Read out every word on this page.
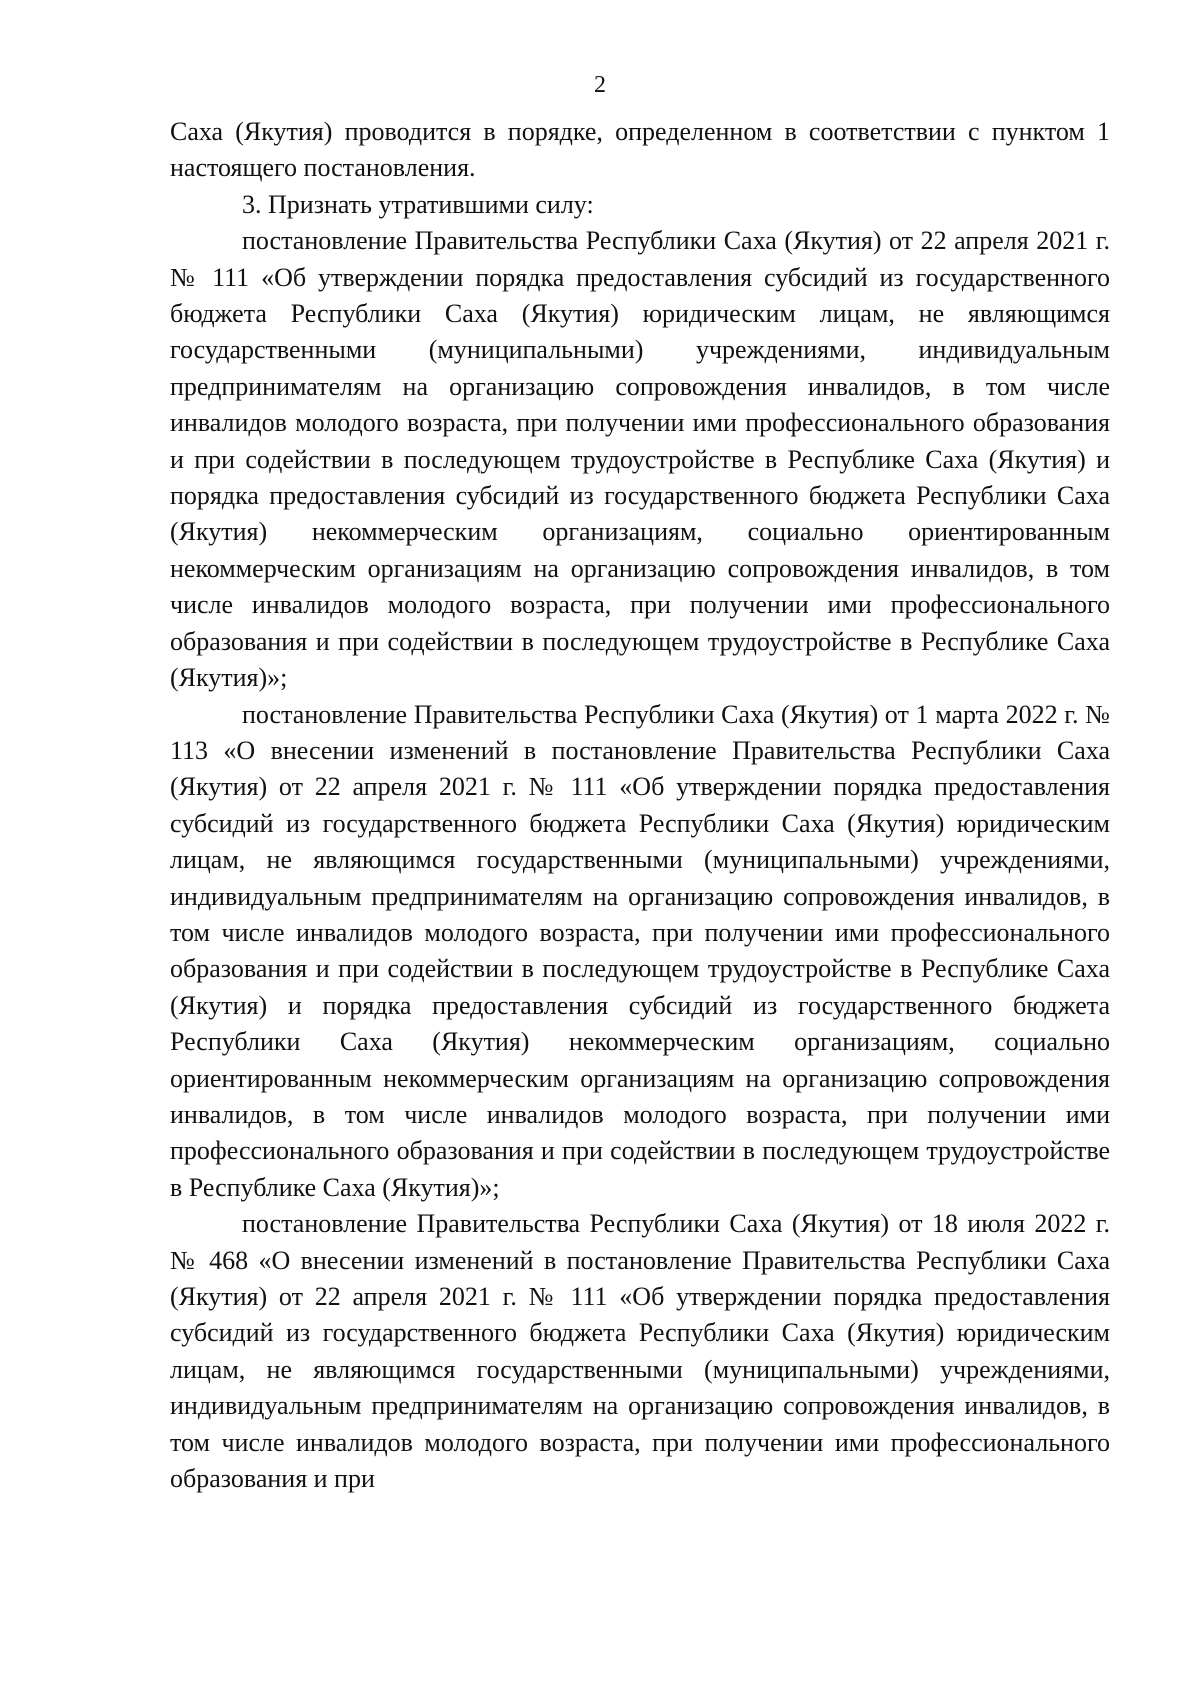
2

Саха (Якутия) проводится в порядке, определенном в соответствии с пунктом 1 настоящего постановления.

3. Признать утратившими силу:

постановление Правительства Республики Саха (Якутия) от 22 апреля 2021 г. № 111 «Об утверждении порядка предоставления субсидий из государственного бюджета Республики Саха (Якутия) юридическим лицам, не являющимся государственными (муниципальными) учреждениями, индивидуальным предпринимателям на организацию сопровождения инвалидов, в том числе инвалидов молодого возраста, при получении ими профессионального образования и при содействии в последующем трудоустройстве в Республике Саха (Якутия) и порядка предоставления субсидий из государственного бюджета Республики Саха (Якутия) некоммерческим организациям, социально ориентированным некоммерческим организациям на организацию сопровождения инвалидов, в том числе инвалидов молодого возраста, при получении ими профессионального образования и при содействии в последующем трудоустройстве в Республике Саха (Якутия)»;

постановление Правительства Республики Саха (Якутия) от 1 марта 2022 г. № 113 «О внесении изменений в постановление Правительства Республики Саха (Якутия) от 22 апреля 2021 г. № 111 «Об утверждении порядка предоставления субсидий из государственного бюджета Республики Саха (Якутия) юридическим лицам, не являющимся государственными (муниципальными) учреждениями, индивидуальным предпринимателям на организацию сопровождения инвалидов, в том числе инвалидов молодого возраста, при получении ими профессионального образования и при содействии в последующем трудоустройстве в Республике Саха (Якутия) и порядка предоставления субсидий из государственного бюджета Республики Саха (Якутия) некоммерческим организациям, социально ориентированным некоммерческим организациям на организацию сопровождения инвалидов, в том числе инвалидов молодого возраста, при получении ими профессионального образования и при содействии в последующем трудоустройстве в Республике Саха (Якутия)»;

постановление Правительства Республики Саха (Якутия) от 18 июля 2022 г. № 468 «О внесении изменений в постановление Правительства Республики Саха (Якутия) от 22 апреля 2021 г. № 111 «Об утверждении порядка предоставления субсидий из государственного бюджета Республики Саха (Якутия) юридическим лицам, не являющимся государственными (муниципальными) учреждениями, индивидуальным предпринимателям на организацию сопровождения инвалидов, в том числе инвалидов молодого возраста, при получении ими профессионального образования и при
